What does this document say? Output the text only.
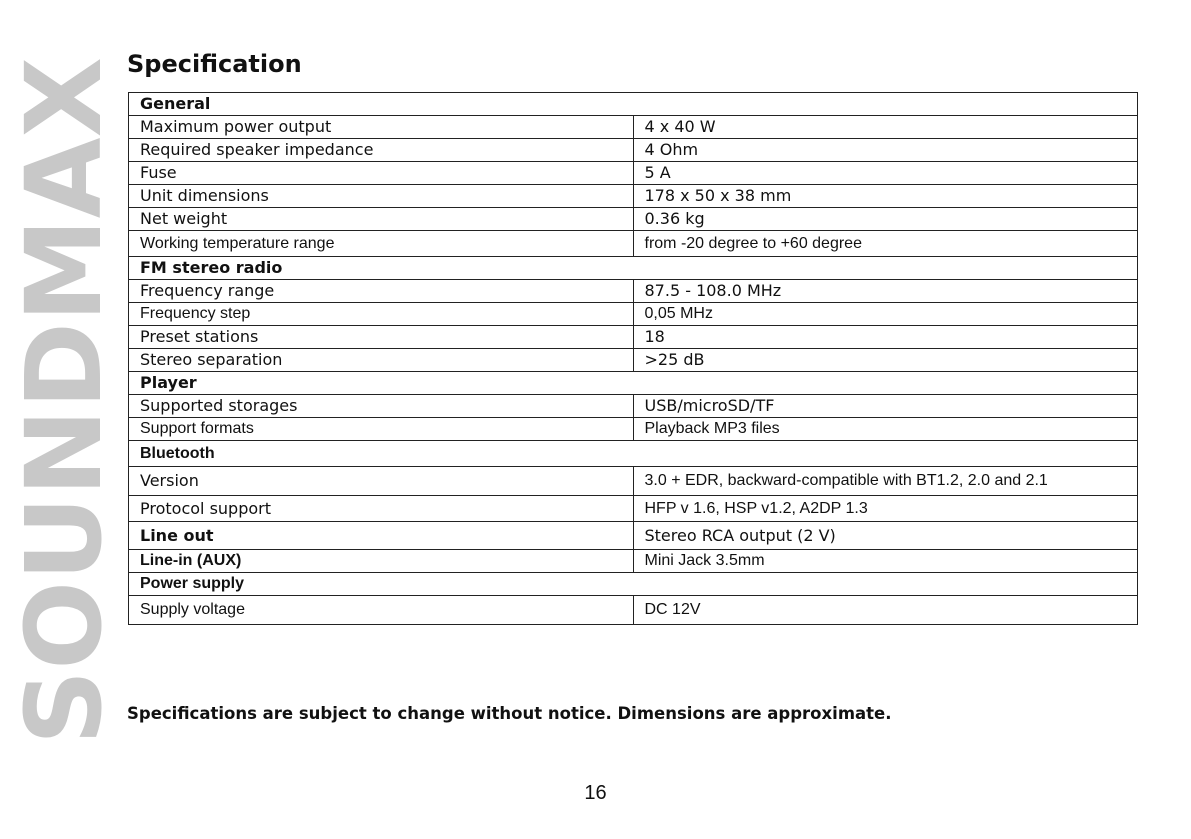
SOUNDMAX Specification
General	
Maximum power output	4 x 40 W
Required speaker impedance	4 Ohm
Fuse	5 A
Unit dimensions	178 x 50 x 38 mm
Net weight	0.36 kg
Working temperature range	from -20 degree to +60 degree
FM stereo radio	
Frequency range	87.5 - 108.0 MHz
Frequency step	0,05 MHz
Preset stations	18
Stereo separation	>25 dB
Player	
Supported storages	USB/microSD/TF
Support formats	Playback MP3 files
Bluetooth	
Version	3.0 + EDR, backward-compatible with BT1.2, 2.0 and 2.1
Protocol support	HFP v 1.6, HSP v1.2, A2DP 1.3
Line out	Stereo RCA output (2 V)
Line-in (AUX)	Mini Jack 3.5mm
Power supply	
Supply voltage	DC 12V

Specifications are subject to change without notice. Dimensions are approximate.

16
